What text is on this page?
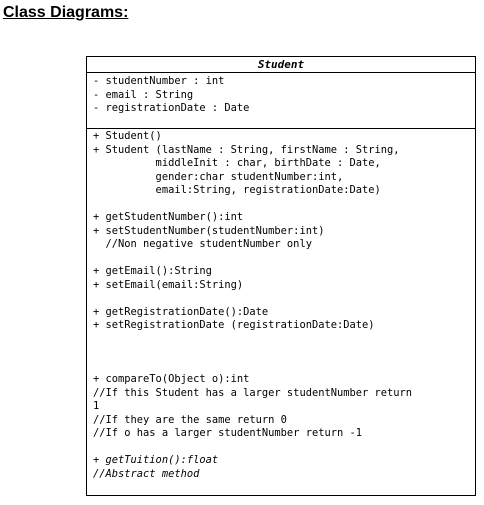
Class Diagrams:
Student
- studentNumber : int
- email : String
- registrationDate : Date
+ Student()
+ Student (lastName : String, firstName : String,
middleInit : char, birthDate : Date,
gender:char studentNumber:int,
email:String, registrationDate:Date)
+ getStudentNumber():int
+ setStudentNumber(studentNumber:int)
//Non negative studentNumber only
+ getEmail():String
+ setEmail(email:String)
+ getRegistrationDate():Date
+ setRegistrationDate (registrationDate:Date)
+ compareTo(Object o):int
//If this Student has a larger studentNumber return
1
//If they are the same return 0
//If o has a larger studentNumber return -1
+ getTuition():float
//Abstract method
